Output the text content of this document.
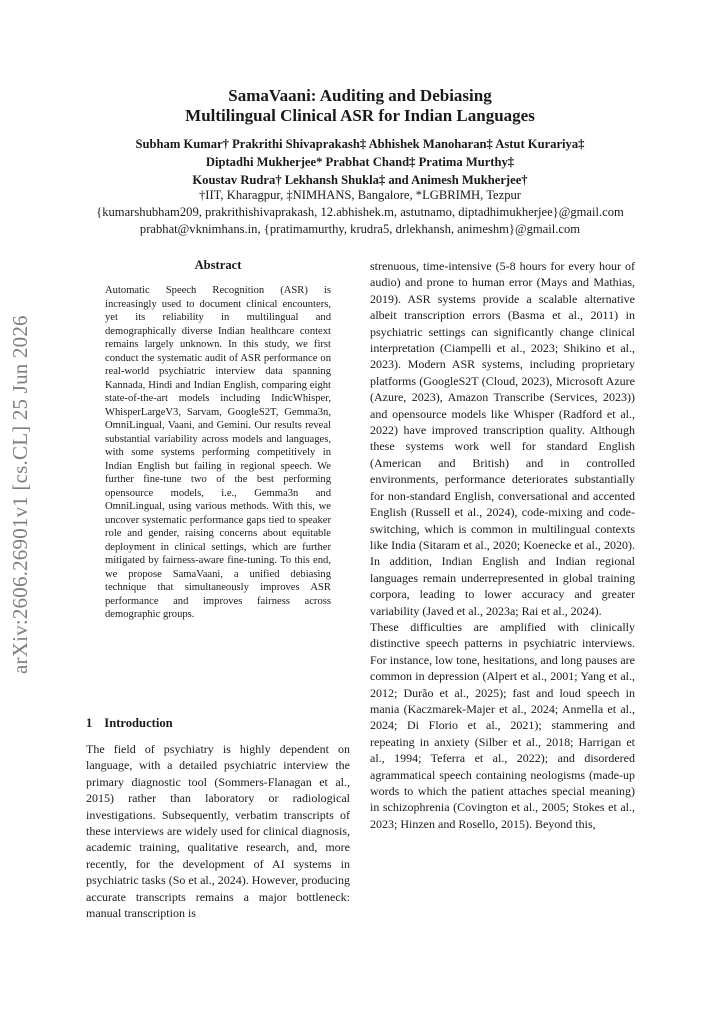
arXiv:2606.26901v1 [cs.CL] 25 Jun 2026
SamaVaani: Auditing and Debiasing
Multilingual Clinical ASR for Indian Languages
Subham Kumar† Prakrithi Shivaprakash‡ Abhishek Manoharan‡ Astut Kurariya‡
Diptadhi Mukherjee* Prabhat Chand‡ Pratima Murthy‡
Koustav Rudra† Lekhansh Shukla‡ and Animesh Mukherjee†
†IIT, Kharagpur, ‡NIMHANS, Bangalore, *LGBRIMH, Tezpur
{kumarshubham209, prakrithishivaprakash, 12.abhishek.m, astutnamo, diptadhimukherjee}@gmail.com
prabhat@vknimhans.in, {pratimamurthy, krudra5, drlekhansh, animeshm}@gmail.com
Abstract
Automatic Speech Recognition (ASR) is increasingly used to document clinical encounters, yet its reliability in multilingual and demographically diverse Indian healthcare context remains largely unknown. In this study, we first conduct the systematic audit of ASR performance on real-world psychiatric interview data spanning Kannada, Hindi and Indian English, comparing eight state-of-the-art models including IndicWhisper, WhisperLargeV3, Sarvam, GoogleS2T, Gemma3n, OmniLingual, Vaani, and Gemini. Our results reveal substantial variability across models and languages, with some systems performing competitively in Indian English but failing in regional speech. We further fine-tune two of the best performing opensource models, i.e., Gemma3n and OmniLingual, using various methods. With this, we uncover systematic performance gaps tied to speaker role and gender, raising concerns about equitable deployment in clinical settings, which are further mitigated by fairness-aware fine-tuning. To this end, we propose SamaVaani, a unified debiasing technique that simultaneously improves ASR performance and improves fairness across demographic groups.
1 Introduction
The field of psychiatry is highly dependent on language, with a detailed psychiatric interview the primary diagnostic tool (Sommers-Flanagan et al., 2015) rather than laboratory or radiological investigations. Subsequently, verbatim transcripts of these interviews are widely used for clinical diagnosis, academic training, qualitative research, and, more recently, for the development of AI systems in psychiatric tasks (So et al., 2024). However, producing accurate transcripts remains a major bottleneck: manual transcription is

strenuous, time-intensive (5-8 hours for every hour of audio) and prone to human error (Mays and Mathias, 2019). ASR systems provide a scalable alternative albeit transcription errors (Basma et al., 2011) in psychiatric settings can significantly change clinical interpretation (Ciampelli et al., 2023; Shikino et al., 2023). Modern ASR systems, including proprietary platforms (GoogleS2T (Cloud, 2023), Microsoft Azure (Azure, 2023), Amazon Transcribe (Services, 2023)) and opensource models like Whisper (Radford et al., 2022) have improved transcription quality. Although these systems work well for standard English (American and British) and in controlled environments, performance deteriorates substantially for non-standard English, conversational and accented English (Russell et al., 2024), code-mixing and code-switching, which is common in multilingual contexts like India (Sitaram et al., 2020; Koenecke et al., 2020). In addition, Indian English and Indian regional languages remain underrepresented in global training corpora, leading to lower accuracy and greater variability (Javed et al., 2023a; Rai et al., 2024).

These difficulties are amplified with clinically distinctive speech patterns in psychiatric interviews. For instance, low tone, hesitations, and long pauses are common in depression (Alpert et al., 2001; Yang et al., 2012; Durão et al., 2025); fast and loud speech in mania (Kaczmarek-Majer et al., 2024; Anmella et al., 2024; Di Florio et al., 2021); stammering and repeating in anxiety (Silber et al., 2018; Harrigan et al., 1994; Teferra et al., 2022); and disordered agrammatical speech containing neologisms (made-up words to which the patient attaches special meaning) in schizophrenia (Covington et al., 2005; Stokes et al., 2023; Hinzen and Rosello, 2015). Beyond this,
